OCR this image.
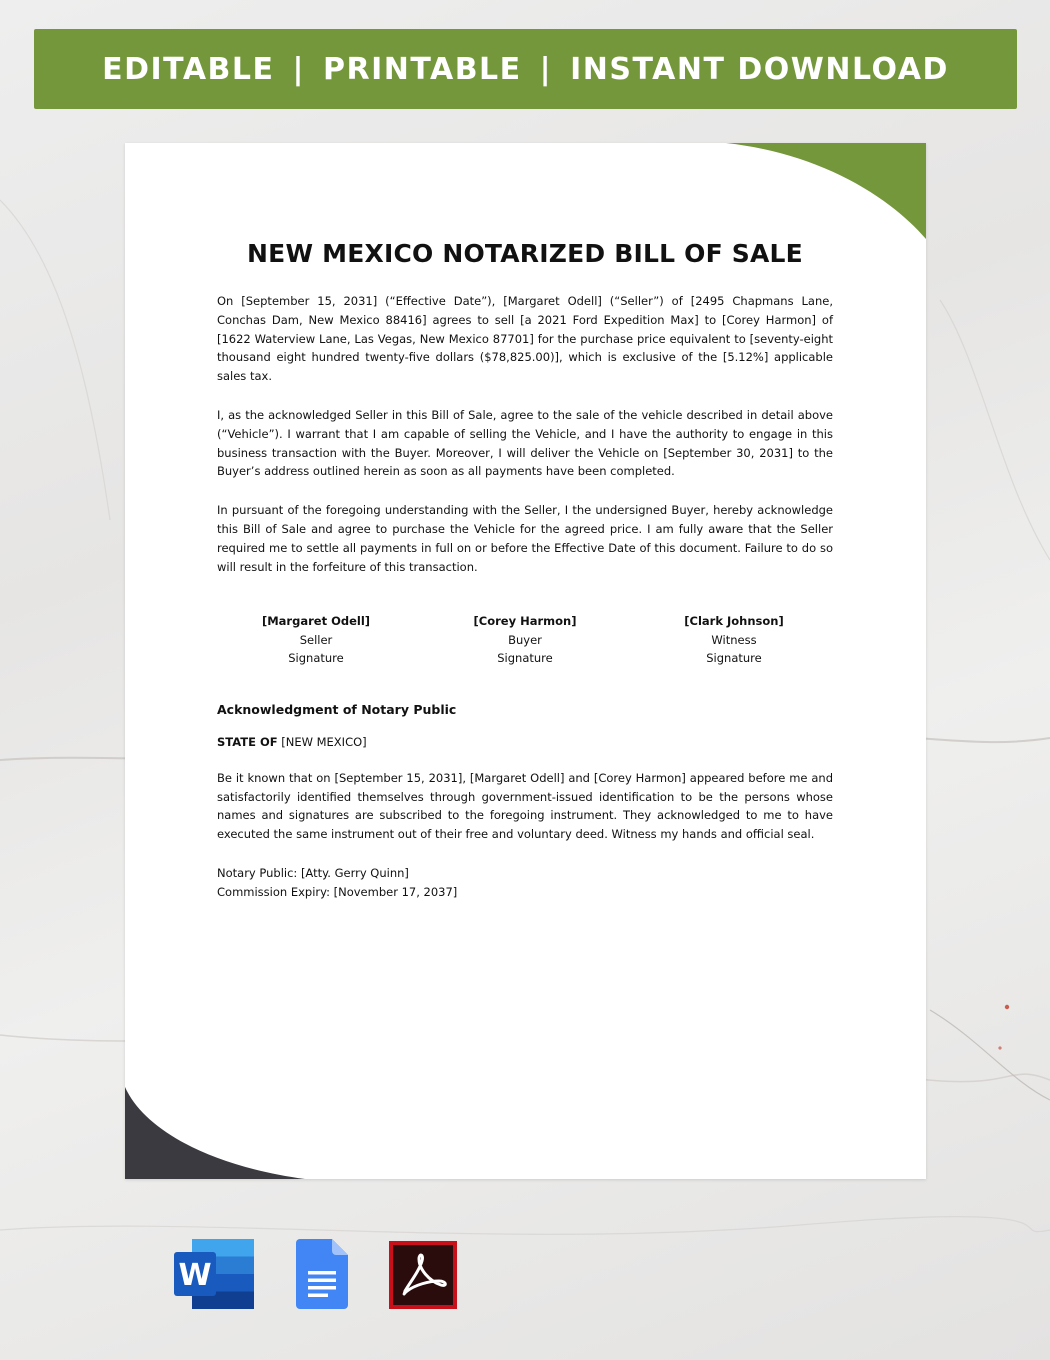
EDITABLE | PRINTABLE | INSTANT DOWNLOAD
NEW MEXICO NOTARIZED BILL OF SALE

On [September 15, 2031] (“Effective Date”), [Margaret Odell] (“Seller”) of [2495 Chapmans Lane, Conchas Dam, New Mexico 88416] agrees to sell [a 2021 Ford Expedition Max] to [Corey Harmon] of [1622 Waterview Lane, Las Vegas, New Mexico 87701] for the purchase price equivalent to [seventy-eight thousand eight hundred twenty-five dollars ($78,825.00)], which is exclusive of the [5.12%] applicable sales tax.

I, as the acknowledged Seller in this Bill of Sale, agree to the sale of the vehicle described in detail above (“Vehicle”). I warrant that I am capable of selling the Vehicle, and I have the authority to engage in this business transaction with the Buyer. Moreover, I will deliver the Vehicle on [September 30, 2031] to the Buyer’s address outlined herein as soon as all payments have been completed.

In pursuant of the foregoing understanding with the Seller, I the undersigned Buyer, hereby acknowledge this Bill of Sale and agree to purchase the Vehicle for the agreed price. I am fully aware that the Seller required me to settle all payments in full on or before the Effective Date of this document. Failure to do so will result in the forfeiture of this transaction.

[Margaret Odell]
Seller
Signature
[Corey Harmon]
Buyer
Signature
[Clark Johnson]
Witness
Signature
Acknowledgment of Notary Public
STATE OF [NEW MEXICO]

Be it known that on [September 15, 2031], [Margaret Odell] and [Corey Harmon] appeared before me and satisfactorily identified themselves through government-issued identification to be the persons whose names and signatures are subscribed to the foregoing instrument. They acknowledged to me to have executed the same instrument out of their free and voluntary deed. Witness my hands and official seal.

Notary Public: [Atty. Gerry Quinn]
Commission Expiry: [November 17, 2037]
W
